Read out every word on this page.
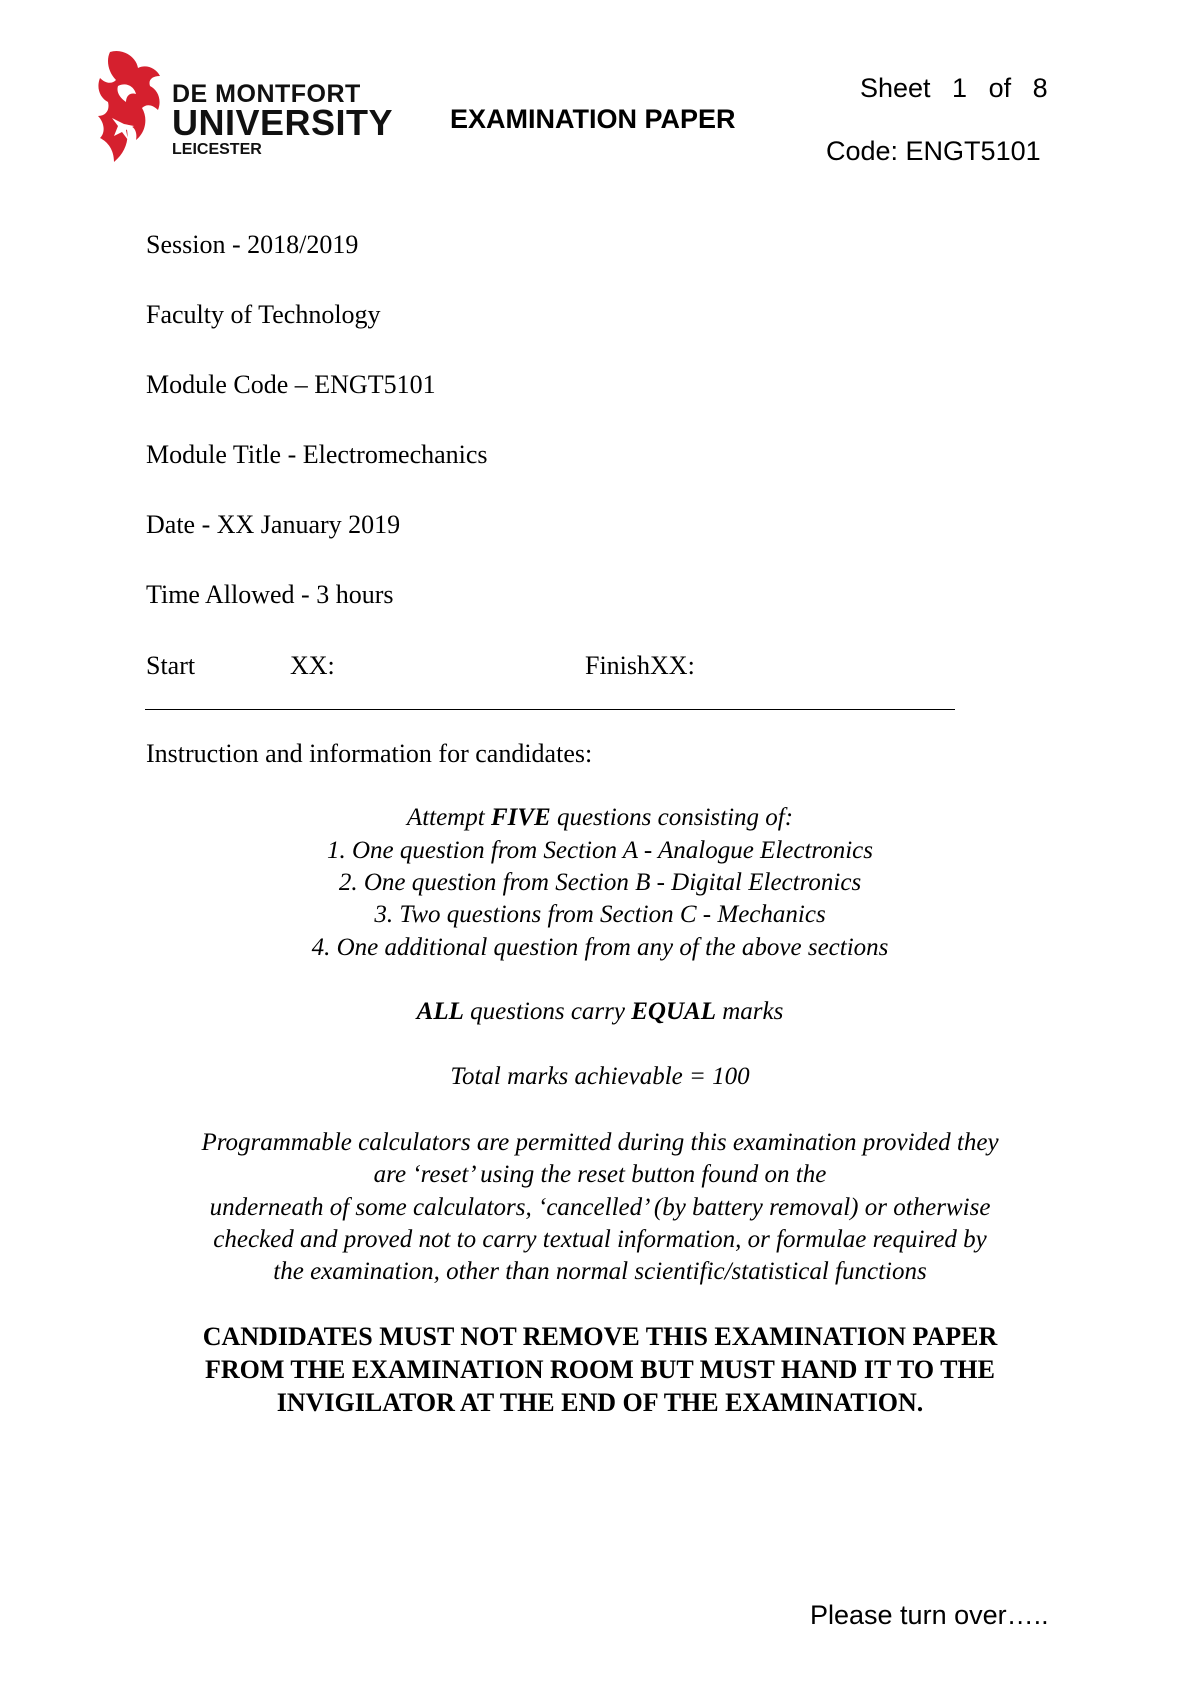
DE MONTFORT
UNIVERSITY
LEICESTER
EXAMINATION PAPER
Sheet 1 of 8
Code: ENGT5101
Session - 2018/2019
Faculty of Technology
Module Code – ENGT5101
Module Title - Electromechanics
Date - XX January 2019
Time Allowed - 3 hours
Start	XX:	FinishXX:
Instruction and information for candidates:
Attempt FIVE questions consisting of:
1. One question from Section A - Analogue Electronics
2. One question from Section B - Digital Electronics
3. Two questions from Section C - Mechanics
4. One additional question from any of the above sections
ALL questions carry EQUAL marks
Total marks achievable = 100
Programmable calculators are permitted during this examination provided they
are ‘reset’ using the reset button found on the
underneath of some calculators, ‘cancelled’ (by battery removal) or otherwise
checked and proved not to carry textual information, or formulae required by
the examination, other than normal scientific/statistical functions
CANDIDATES MUST NOT REMOVE THIS EXAMINATION PAPER
FROM THE EXAMINATION ROOM BUT MUST HAND IT TO THE
INVIGILATOR AT THE END OF THE EXAMINATION.
Please turn over…..
